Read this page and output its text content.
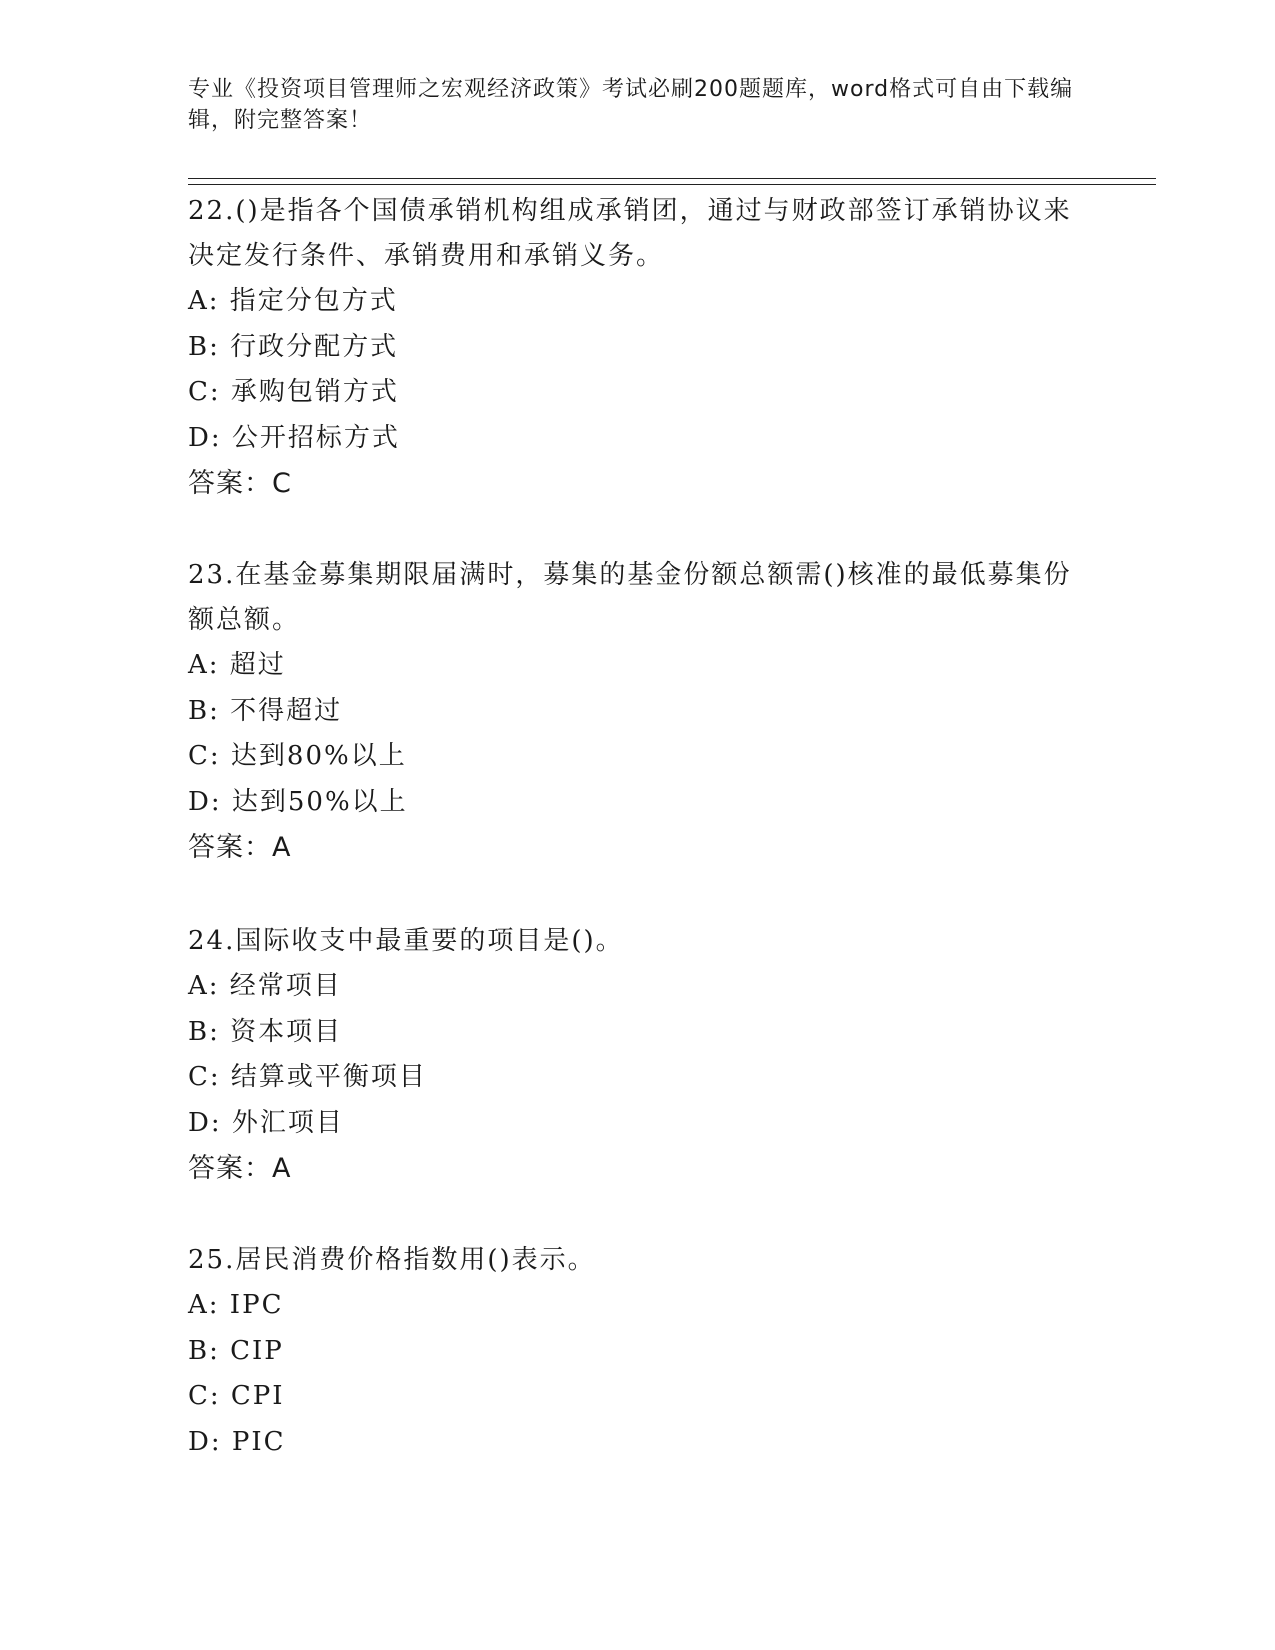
专业《投资项目管理师之宏观经济政策》考试必刷200题题库，word格式可自由下载编辑，附完整答案！
22.()是指各个国债承销机构组成承销团，通过与财政部签订承销协议来决定发行条件、承销费用和承销义务。
A: 指定分包方式
B: 行政分配方式
C: 承购包销方式
D: 公开招标方式
答案：C
23.在基金募集期限届满时，募集的基金份额总额需()核准的最低募集份额总额。
A: 超过
B: 不得超过
C: 达到80%以上
D: 达到50%以上
答案：A
24.国际收支中最重要的项目是()。
A: 经常项目
B: 资本项目
C: 结算或平衡项目
D: 外汇项目
答案：A
25.居民消费价格指数用()表示。
A: IPC
B: CIP
C: CPI
D: PIC
